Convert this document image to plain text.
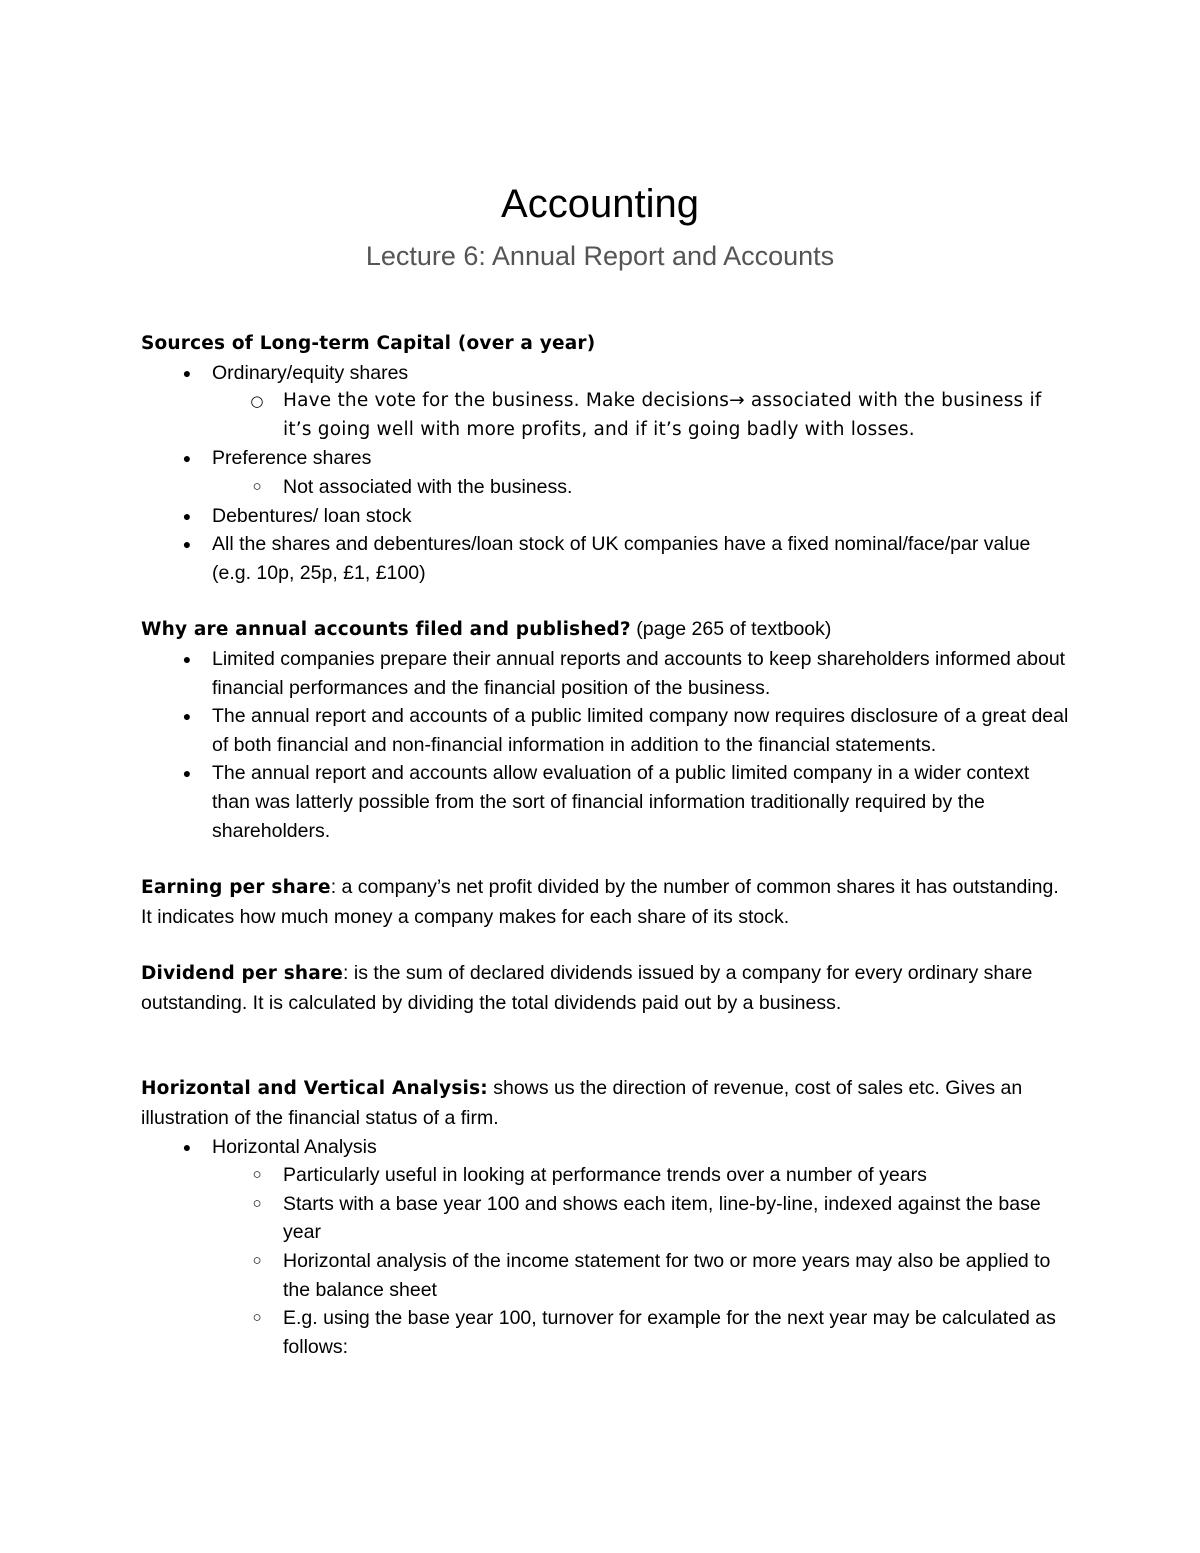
Accounting
Lecture 6: Annual Report and Accounts
Sources of Long-term Capital (over a year)
● Ordinary/equity shares
○ Have the vote for the business. Make decisions→ associated with the business if it’s going well with more profits, and if it’s going badly with losses.
● Preference shares
○ Not associated with the business.
● Debentures/ loan stock
● All the shares and debentures/loan stock of UK companies have a fixed nominal/face/par value (e.g. 10p, 25p, £1, £100)
Why are annual accounts filed and published? (page 265 of textbook)
● Limited companies prepare their annual reports and accounts to keep shareholders informed about financial performances and the financial position of the business.
● The annual report and accounts of a public limited company now requires disclosure of a great deal of both financial and non-financial information in addition to the financial statements.
● The annual report and accounts allow evaluation of a public limited company in a wider context than was latterly possible from the sort of financial information traditionally required by the shareholders.

Earning per share: a company’s net profit divided by the number of common shares it has outstanding. It indicates how much money a company makes for each share of its stock.

Dividend per share: is the sum of declared dividends issued by a company for every ordinary share outstanding. It is calculated by dividing the total dividends paid out by a business.

Horizontal and Vertical Analysis: shows us the direction of revenue, cost of sales etc. Gives an illustration of the financial status of a firm.

● Horizontal Analysis
○ Particularly useful in looking at performance trends over a number of years
○ Starts with a base year 100 and shows each item, line-by-line, indexed against the base year
○ Horizontal analysis of the income statement for two or more years may also be applied to the balance sheet
○ E.g. using the base year 100, turnover for example for the next year may be calculated as follows:
